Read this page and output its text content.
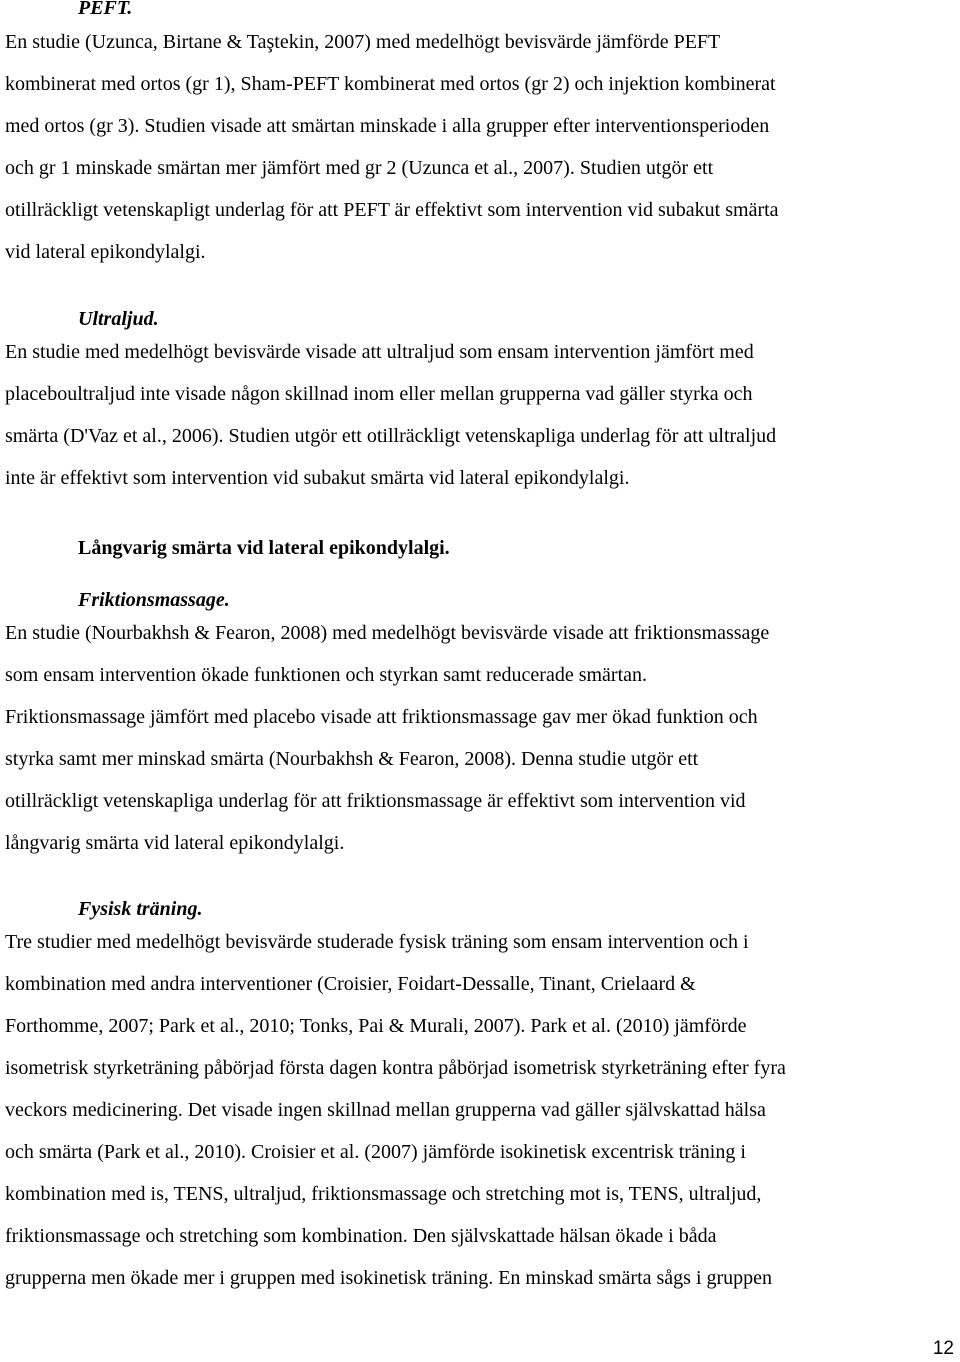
PEFT.
En studie (Uzunca, Birtane & Taştekin, 2007) med medelhögt bevisvärde jämförde PEFT
kombinerat med ortos (gr 1), Sham-PEFT kombinerat med ortos (gr 2) och injektion kombinerat
med ortos (gr 3). Studien visade att smärtan minskade i alla grupper efter interventionsperioden
och gr 1 minskade smärtan mer jämfört med gr 2 (Uzunca et al., 2007). Studien utgör ett
otillräckligt vetenskapligt underlag för att PEFT är effektivt som intervention vid subakut smärta
vid lateral epikondylalgi.
Ultraljud.
En studie med medelhögt bevisvärde visade att ultraljud som ensam intervention jämfört med
placeboultraljud inte visade någon skillnad inom eller mellan grupperna vad gäller styrka och
smärta (D'Vaz et al., 2006). Studien utgör ett otillräckligt vetenskapliga underlag för att ultraljud
inte är effektivt som intervention vid subakut smärta vid lateral epikondylalgi.
Långvarig smärta vid lateral epikondylalgi.
Friktionsmassage.
En studie (Nourbakhsh & Fearon, 2008) med medelhögt bevisvärde visade att friktionsmassage
som ensam intervention ökade funktionen och styrkan samt reducerade smärtan.
Friktionsmassage jämfört med placebo visade att friktionsmassage gav mer ökad funktion och
styrka samt mer minskad smärta (Nourbakhsh & Fearon, 2008). Denna studie utgör ett
otillräckligt vetenskapliga underlag för att friktionsmassage är effektivt som intervention vid
långvarig smärta vid lateral epikondylalgi.
Fysisk träning.
Tre studier med medelhögt bevisvärde studerade fysisk träning som ensam intervention och i
kombination med andra interventioner (Croisier, Foidart-Dessalle, Tinant, Crielaard &
Forthomme, 2007; Park et al., 2010; Tonks, Pai & Murali, 2007). Park et al. (2010) jämförde
isometrisk styrketräning påbörjad första dagen kontra påbörjad isometrisk styrketräning efter fyra
veckors medicinering. Det visade ingen skillnad mellan grupperna vad gäller självskattad hälsa
och smärta (Park et al., 2010). Croisier et al. (2007) jämförde isokinetisk excentrisk träning i
kombination med is, TENS, ultraljud, friktionsmassage och stretching mot is, TENS, ultraljud,
friktionsmassage och stretching som kombination. Den självskattade hälsan ökade i båda
grupperna men ökade mer i gruppen med isokinetisk träning. En minskad smärta sågs i gruppen
12
